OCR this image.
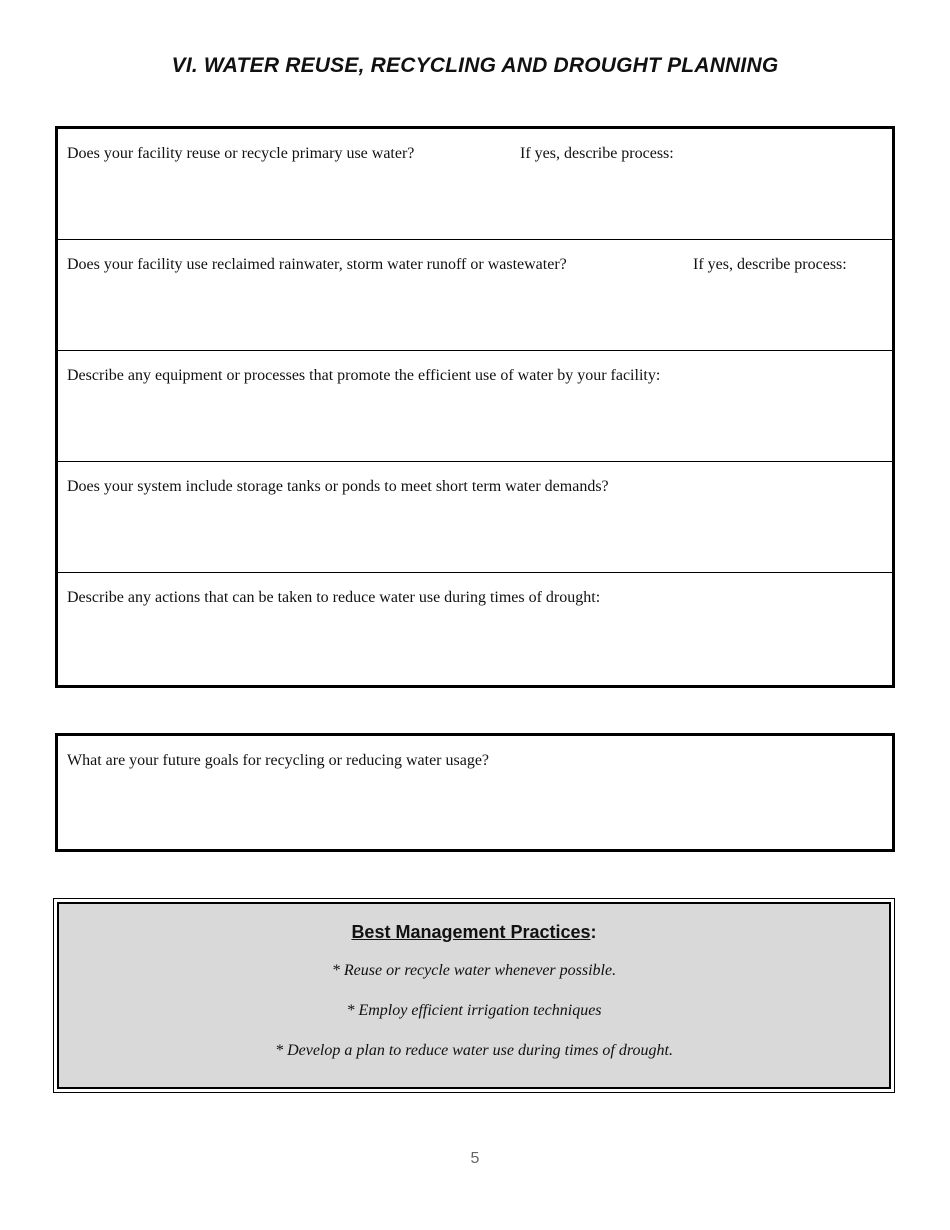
VI. WATER REUSE, RECYCLING AND DROUGHT PLANNING
Does your facility reuse or recycle primary use water?	If yes, describe process:
Does your facility use reclaimed rainwater, storm water runoff or wastewater?	If yes, describe process:
Describe any equipment or processes that promote the efficient use of water by your facility:
Does your system include storage tanks or ponds to meet short term water demands?
Describe any actions that can be taken to reduce water use during times of drought:
What are your future goals for recycling or reducing water usage?
Best Management Practices:
* Reuse or recycle water whenever possible.
* Employ efficient irrigation techniques
* Develop a plan to reduce water use during times of drought.
5
